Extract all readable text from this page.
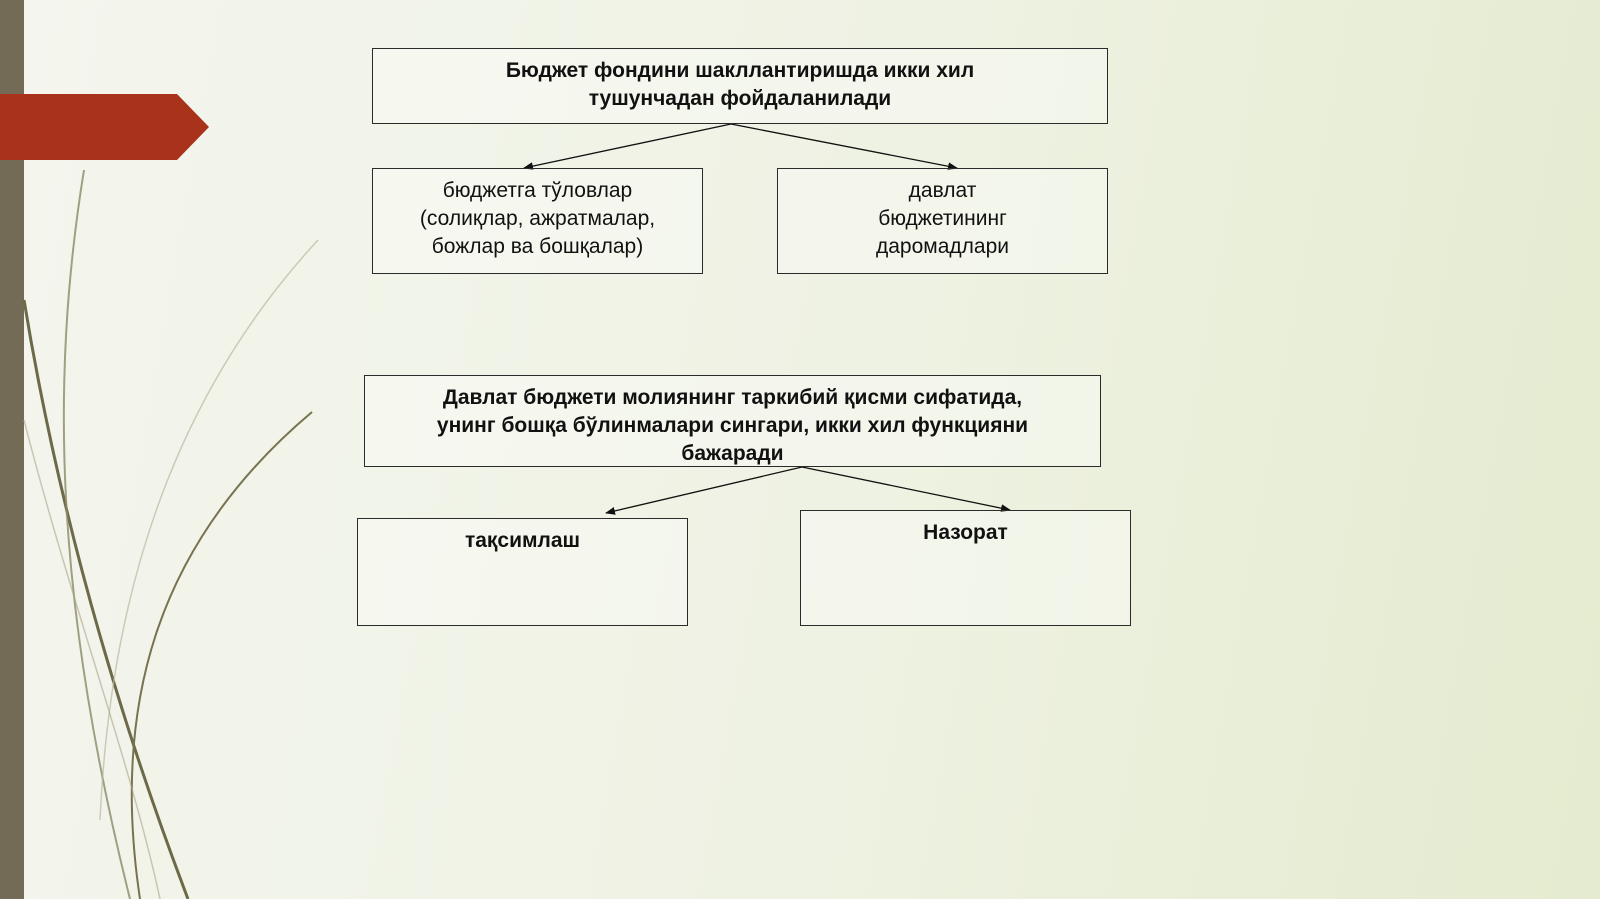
Бюджет фондини шакллантиришда икки хил
тушунчадан фойдаланилади
бюджетга тўловлар
(солиқлар, ажратмалар,
божлар ва бошқалар)
давлат
бюджетининг
даромадлари
Давлат бюджети молиянинг таркибий қисми сифатида,
унинг бошқа бўлинмалари сингари, икки хил функцияни
бажаради
тақсимлаш	Назорат
